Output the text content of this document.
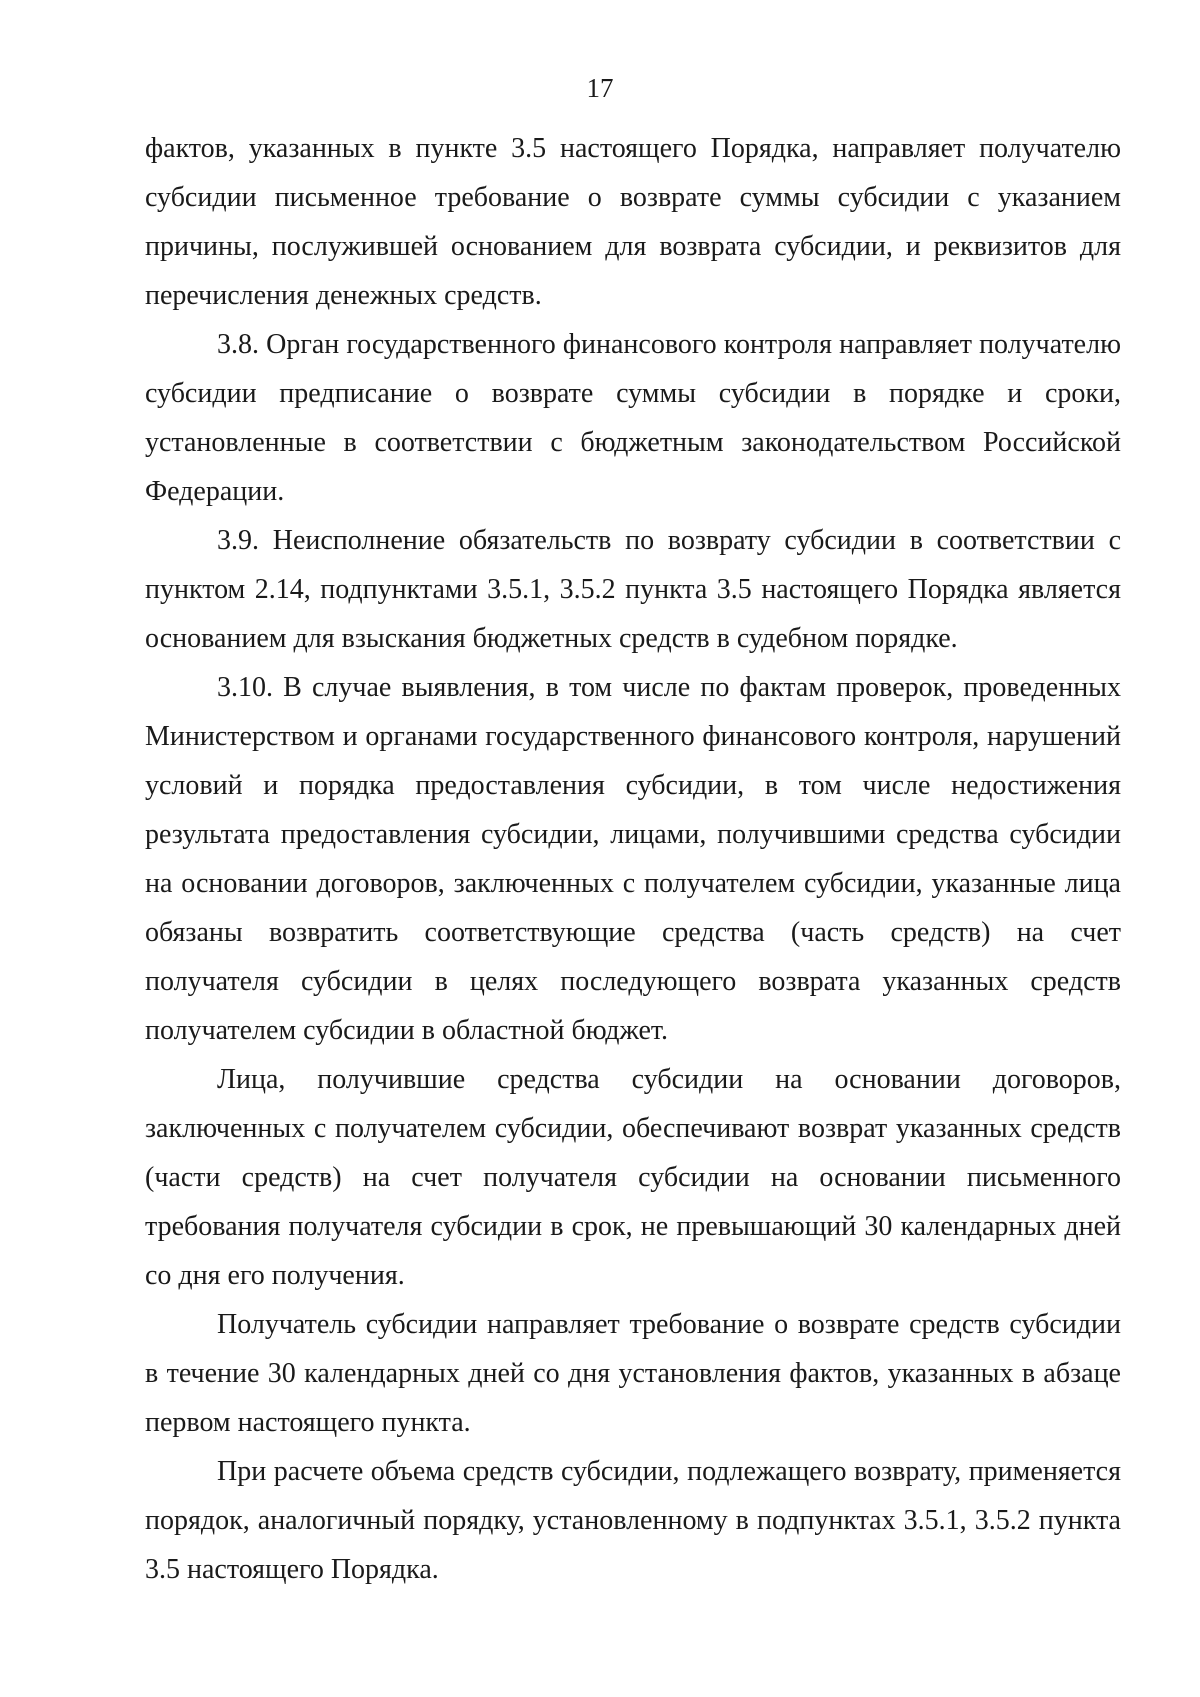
17

фактов, указанных в пункте 3.5 настоящего Порядка, направляет получателю субсидии письменное требование о возврате суммы субсидии с указанием причины, послужившей основанием для возврата субсидии, и реквизитов для перечисления денежных средств.

3.8. Орган государственного финансового контроля направляет получателю субсидии предписание о возврате суммы субсидии в порядке и сроки, установленные в соответствии с бюджетным законодательством Российской Федерации.

3.9. Неисполнение обязательств по возврату субсидии в соответствии с пунктом 2.14, подпунктами 3.5.1, 3.5.2 пункта 3.5 настоящего Порядка является основанием для взыскания бюджетных средств в судебном порядке.

3.10. В случае выявления, в том числе по фактам проверок, проведенных Министерством и органами государственного финансового контроля, нарушений условий и порядка предоставления субсидии, в том числе недостижения результата предоставления субсидии, лицами, получившими средства субсидии на основании договоров, заключенных с получателем субсидии, указанные лица обязаны возвратить соответствующие средства (часть средств) на счет получателя субсидии в целях последующего возврата указанных средств получателем субсидии в областной бюджет.

Лица, получившие средства субсидии на основании договоров, заключенных с получателем субсидии, обеспечивают возврат указанных средств (части средств) на счет получателя субсидии на основании письменного требования получателя субсидии в срок, не превышающий 30 календарных дней со дня его получения.

Получатель субсидии направляет требование о возврате средств субсидии в течение 30 календарных дней со дня установления фактов, указанных в абзаце первом настоящего пункта.

При расчете объема средств субсидии, подлежащего возврату, применяется порядок, аналогичный порядку, установленному в подпунктах 3.5.1, 3.5.2 пункта 3.5 настоящего Порядка.
